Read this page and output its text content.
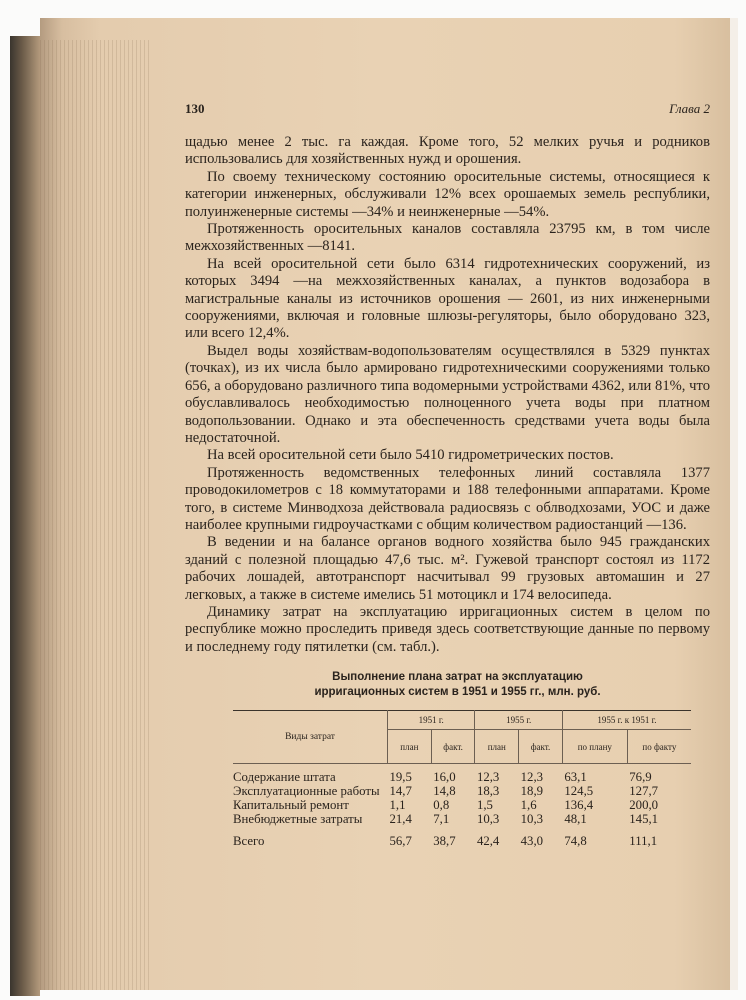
130	Глава 2

щадью менее 2 тыс. га каждая. Кроме того, 52 мелких ручья и родников использовались для хозяйственных нужд и орошения.

По своему техническому состоянию оросительные системы, относящиеся к категории инженерных, обслуживали 12% всех орошаемых земель республики, полуинженерные системы —34% и неинженерные —54%.

Протяженность оросительных каналов составляла 23795 км, в том числе межхозяйственных —8141.

На всей оросительной сети было 6314 гидротехнических сооружений, из которых 3494 —на межхозяйственных каналах, а пунктов водозабора в магистральные каналы из источников орошения — 2601, из них инженерными сооружениями, включая и головные шлюзы-регуляторы, было оборудовано 323, или всего 12,4%.

Выдел воды хозяйствам-водопользователям осуществлялся в 5329 пунктах (точках), из их числа было армировано гидротехническими сооружениями только 656, а оборудовано различного типа водомерными устройствами 4362, или 81%, что обуславливалось необходимостью полноценного учета воды при платном водопользовании. Однако и эта обеспеченность средствами учета воды была недостаточной.

На всей оросительной сети было 5410 гидрометрических постов.

Протяженность ведомственных телефонных линий составляла 1377 проводокилометров с 18 коммутаторами и 188 телефонными аппаратами. Кроме того, в системе Минводхоза действовала радиосвязь с облводхозами, УОС и даже наиболее крупными гидроучастками с общим количеством радиостанций —136.

В ведении и на балансе органов водного хозяйства было 945 гражданских зданий с полезной площадью 47,6 тыс. м². Гужевой транспорт состоял из 1172 рабочих лошадей, автотранспорт насчитывал 99 грузовых автомашин и 27 легковых, а также в системе имелись 51 мотоцикл и 174 велосипеда.

Динамику затрат на эксплуатацию ирригационных систем в целом по республике можно проследить приведя здесь соответствующие данные по первому и последнему году пятилетки (см. табл.).

Выполнение плана затрат на эксплуатацию
ирригационных систем в 1951 и 1955 гг., млн. руб.
Виды затрат	1951 г.		1955 г.		1955 г. к 1951 г.	
	план	факт.	план	факт.	по плану	по факту
Содержание штата	19,5	16,0	12,3	12,3	63,1	76,9
Эксплуатационные работы	14,7	14,8	18,3	18,9	124,5	127,7
Капитальный ремонт	1,1	0,8	1,5	1,6	136,4	200,0
Внебюджетные затраты	21,4	7,1	10,3	10,3	48,1	145,1
Всего	56,7	38,7	42,4	43,0	74,8	111,1
